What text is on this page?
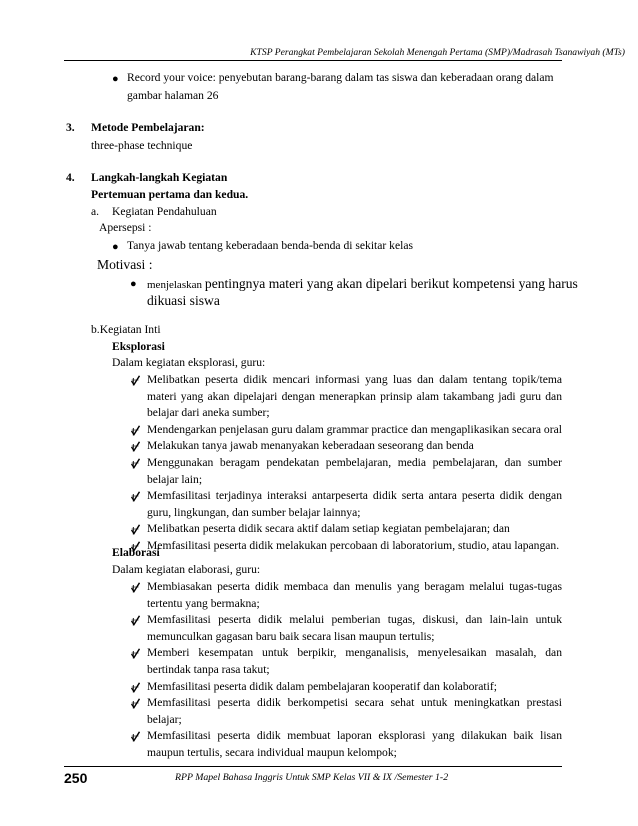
KTSP Perangkat Pembelajaran Sekolah Menengah Pertama (SMP)/Madrasah Tsanawiyah (MTs)
● Record your voice: penyebutan barang-barang dalam tas siswa dan keberadaan orang dalam
gambar halaman 26
3. Metode Pembelajaran:
three-phase technique
4. Langkah-langkah Kegiatan
Pertemuan pertama dan kedua.
a. Kegiatan Pendahuluan
Apersepsi :
● Tanya jawab tentang keberadaan benda-benda di sekitar kelas
Motivasi :
● menjelaskan pentingnya materi yang akan dipelari berikut kompetensi yang harus
dikuasi siswa
b.Kegiatan Inti
Eksplorasi
Dalam kegiatan eksplorasi, guru:
Melibatkan peserta didik mencari informasi yang luas dan dalam tentang topik/tema
materi yang akan dipelajari dengan menerapkan prinsip alam takambang jadi guru dan
belajar dari aneka sumber;
Mendengarkan penjelasan guru dalam grammar practice dan mengaplikasikan secara oral
Melakukan tanya jawab menanyakan keberadaan seseorang dan benda
Menggunakan beragam pendekatan pembelajaran, media pembelajaran, dan sumber
belajar lain;
Memfasilitasi terjadinya interaksi antarpeserta didik serta antara peserta didik dengan
guru, lingkungan, dan sumber belajar lainnya;
Melibatkan peserta didik secara aktif dalam setiap kegiatan pembelajaran; dan
Memfasilitasi peserta didik melakukan percobaan di laboratorium, studio, atau lapangan.
Elaborasi
Dalam kegiatan elaborasi, guru:
Membiasakan peserta didik membaca dan menulis yang beragam melalui tugas-tugas
tertentu yang bermakna;
Memfasilitasi peserta didik melalui pemberian tugas, diskusi, dan lain-lain untuk
memunculkan gagasan baru baik secara lisan maupun tertulis;
Memberi kesempatan untuk berpikir, menganalisis, menyelesaikan masalah, dan
bertindak tanpa rasa takut;
Memfasilitasi peserta didik dalam pembelajaran kooperatif dan kolaboratif;
Memfasilitasi peserta didik berkompetisi secara sehat untuk meningkatkan prestasi
belajar;
Memfasilitasi peserta didik membuat laporan eksplorasi yang dilakukan baik lisan
maupun tertulis, secara individual maupun kelompok;
250	RPP Mapel Bahasa Inggris Untuk SMP Kelas VII & IX /Semester 1-2
